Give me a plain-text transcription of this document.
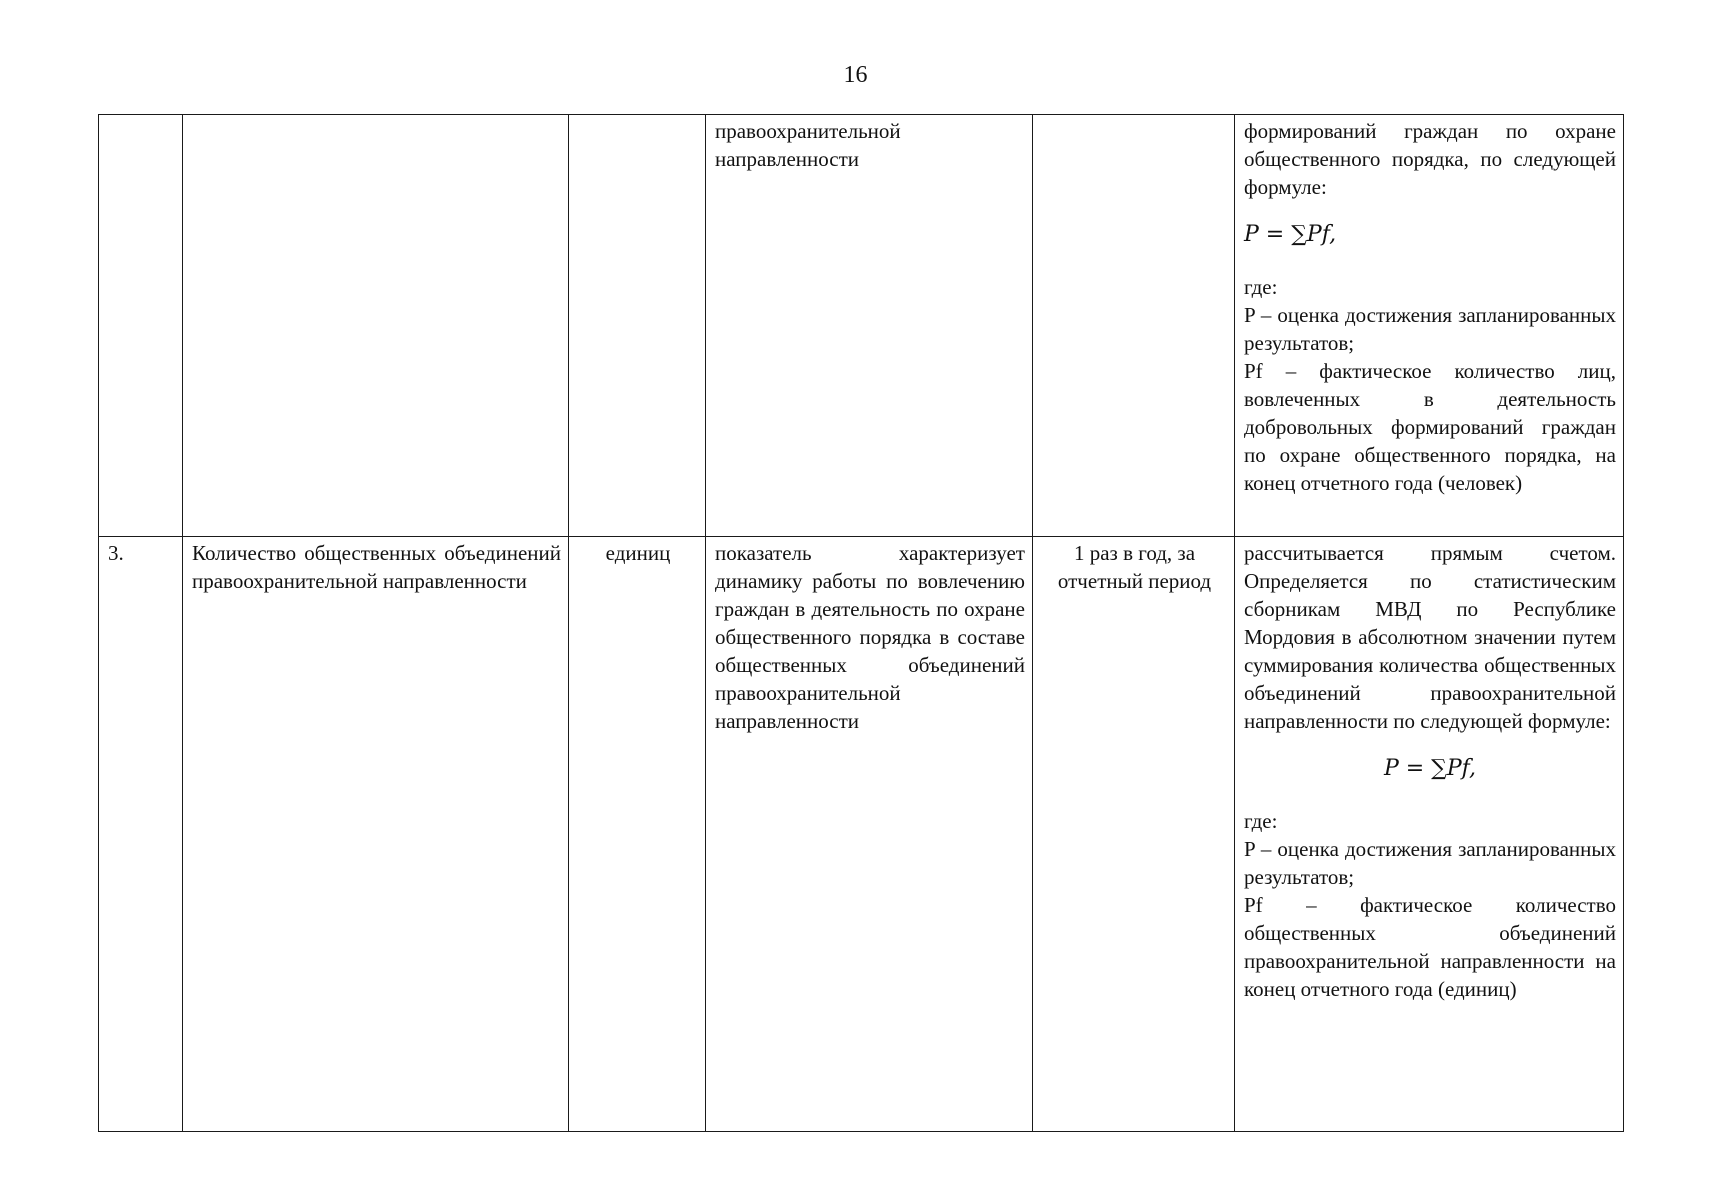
16

			правоохранительной направленности		формирований граждан по охране общественного порядка, по следующей формуле:

P = ∑Pf,

где:

P – оценка достижения запланированных результатов;

Pf – фактическое количество лиц, вовлеченных в деятельность добровольных формирований граждан по охране общественного порядка, на конец отчетного года (человек)

3.	Количество общественных объединений правоохранительной направленности	единиц	показатель характеризует динамику работы по вовлечению граждан в деятельность по охране общественного порядка в составе общественных объединений правоохранительной направленности	1 раз в год, за отчетный период	рассчитывается прямым счетом. Определяется по статистическим сборникам МВД по Республике Мордовия в абсолютном значении путем суммирования количества общественных объединений правоохранительной направленности по следующей формуле:

P = ∑Pf,

где:

P – оценка достижения запланированных результатов;

Pf – фактическое количество общественных объединений правоохранительной направленности на конец отчетного года (единиц)
